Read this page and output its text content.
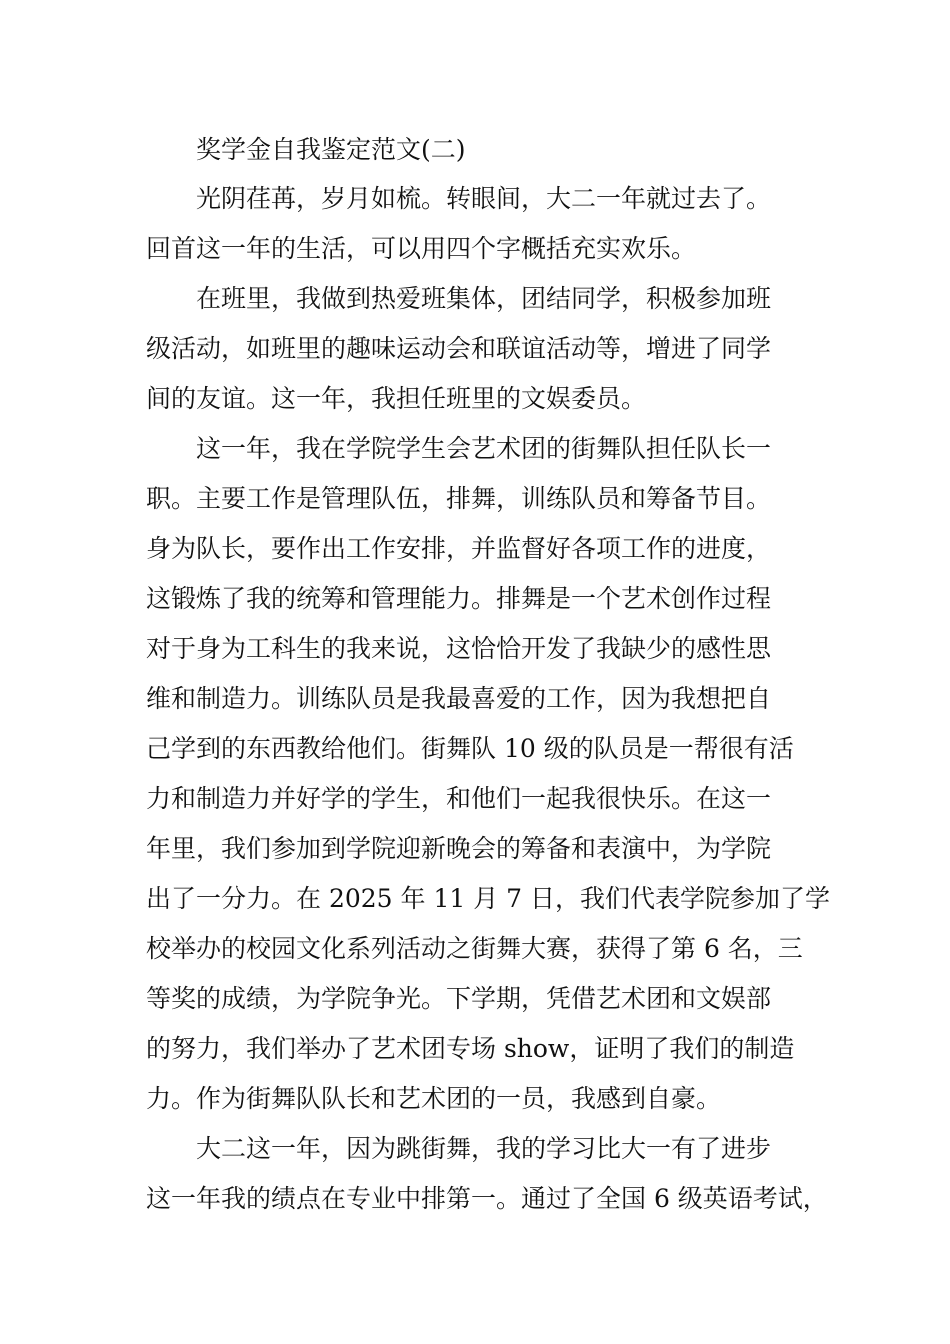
奖学金自我鉴定范文(二)
光阴荏苒，岁月如梳。转眼间，大二一年就过去了。
回首这一年的生活，可以用四个字概括充实欢乐。
在班里，我做到热爱班集体，团结同学，积极参加班
级活动，如班里的趣味运动会和联谊活动等，增进了同学
间的友谊。这一年，我担任班里的文娱委员。
这一年，我在学院学生会艺术团的街舞队担任队长一
职。主要工作是管理队伍，排舞，训练队员和筹备节目。
身为队长，要作出工作安排，并监督好各项工作的进度，
这锻炼了我的统筹和管理能力。排舞是一个艺术创作过程
对于身为工科生的我来说，这恰恰开发了我缺少的感性思
维和制造力。训练队员是我最喜爱的工作，因为我想把自
己学到的东西教给他们。街舞队 10 级的队员是一帮很有活
力和制造力并好学的学生，和他们一起我很快乐。在这一
年里，我们参加到学院迎新晚会的筹备和表演中，为学院
出了一分力。在 2025 年 11 月 7 日，我们代表学院参加了学
校举办的校园文化系列活动之街舞大赛，获得了第 6 名，三
等奖的成绩，为学院争光。下学期，凭借艺术团和文娱部
的努力，我们举办了艺术团专场 show，证明了我们的制造
力。作为街舞队队长和艺术团的一员，我感到自豪。
大二这一年，因为跳街舞，我的学习比大一有了进步
这一年我的绩点在专业中排第一。通过了全国 6 级英语考试，
